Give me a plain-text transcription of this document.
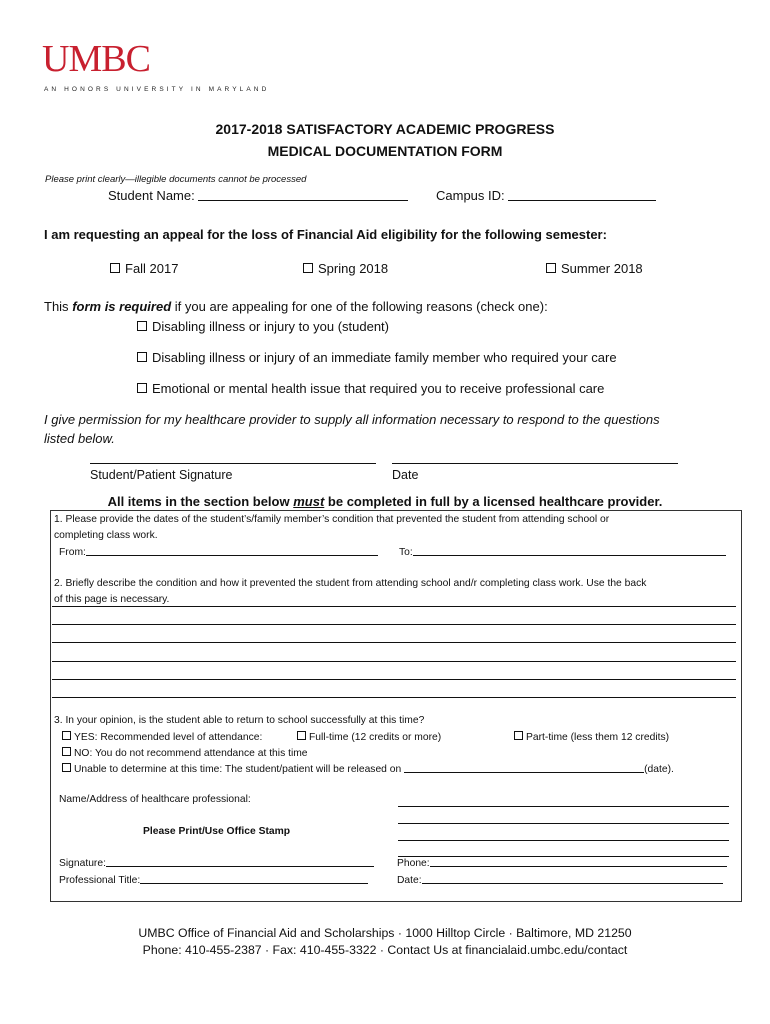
UMBC
AN HONORS UNIVERSITY IN MARYLAND
2017-2018 SATISFACTORY ACADEMIC PROGRESS
MEDICAL DOCUMENTATION FORM
Please print clearly—illegible documents cannot be processed
Student Name:	Campus ID:
I am requesting an appeal for the loss of Financial Aid eligibility for the following semester:
Fall 2017	Spring 2018	Summer 2018
This form is required if you are appealing for one of the following reasons (check one):
Disabling illness or injury to you (student)
Disabling illness or injury of an immediate family member who required your care
Emotional or mental health issue that required you to receive professional care
I give permission for my healthcare provider to supply all information necessary to respond to the questions
listed below.
Student/Patient Signature	Date
All items in the section below must be completed in full by a licensed healthcare provider.
1. Please provide the dates of the student’s/family member’s condition that prevented the student from attending school or
completing class work.
From:	To:
2. Briefly describe the condition and how it prevented the student from attending school and/r completing class work. Use the back
of this page is necessary.
3. In your opinion, is the student able to return to school successfully at this time?
YES: Recommended level of attendance:	Full-time (12 credits or more)	Part-time (less them 12 credits)
NO: You do not recommend attendance at this time
Unable to determine at this time: The student/patient will be released on	(date).
Name/Address of healthcare professional:
Please Print/Use Office Stamp
Signature:	Phone:
Professional Title:	Date:
UMBC Office of Financial Aid and Scholarships · 1000 Hilltop Circle · Baltimore, MD 21250
Phone: 410-455-2387 · Fax: 410-455-3322 · Contact Us at financialaid.umbc.edu/contact
